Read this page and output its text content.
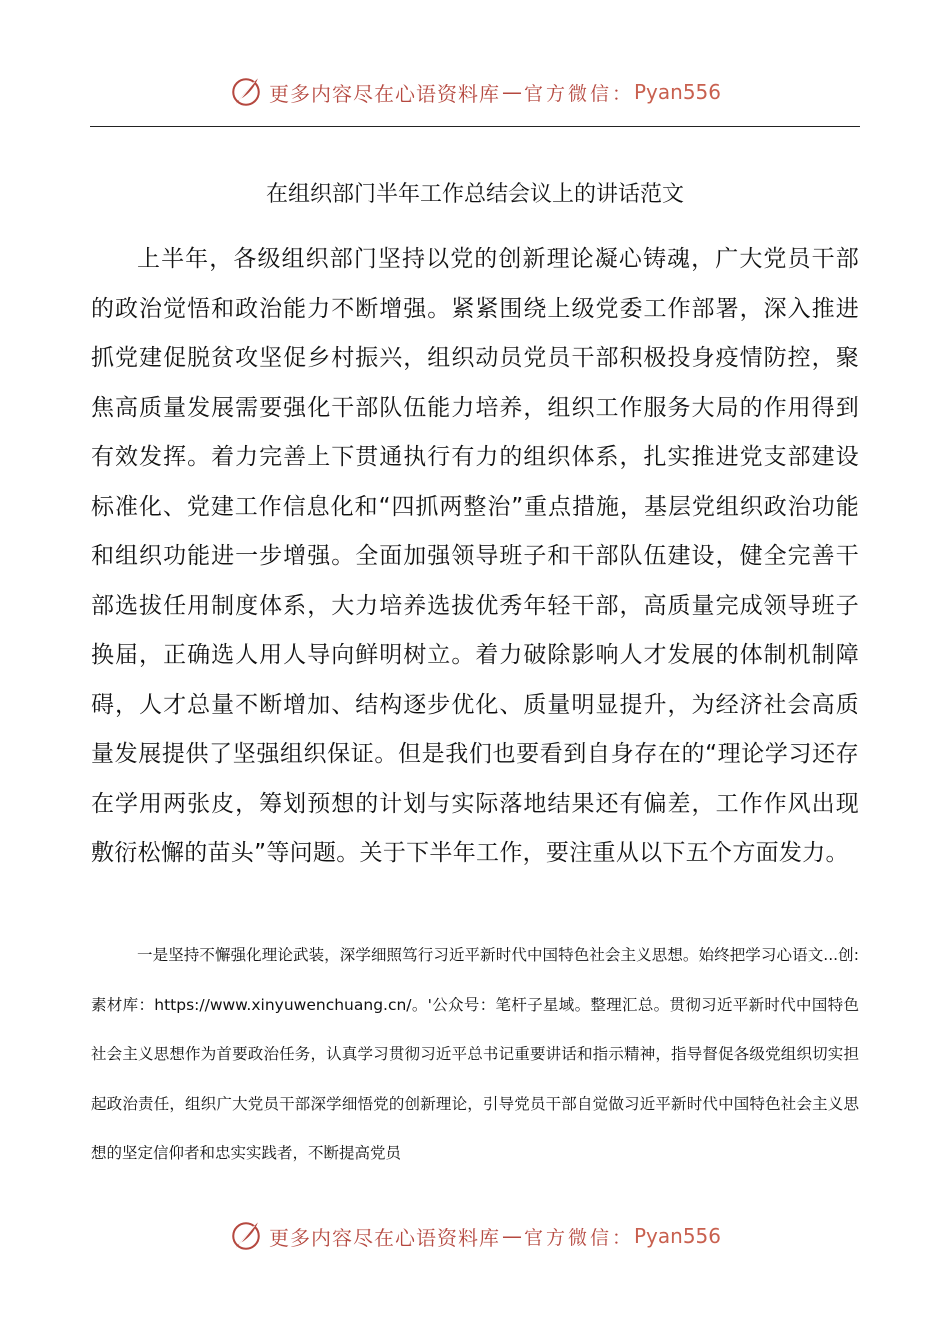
更多内容尽在心语资料库 — 官方微信： Pyan556
在组织部门半年工作总结会议上的讲话范文

上半年，各级组织部门坚持以党的创新理论凝心铸魂，广大党员干部的政治觉悟和政治能力不断增强。紧紧围绕上级党委工作部署，深入推进抓党建促脱贫攻坚促乡村振兴，组织动员党员干部积极投身疫情防控，聚焦高质量发展需要强化干部队伍能力培养，组织工作服务大局的作用得到有效发挥。着力完善上下贯通执行有力的组织体系，扎实推进党支部建设标准化、党建工作信息化和“四抓两整治”重点措施，基层党组织政治功能和组织功能进一步增强。全面加强领导班子和干部队伍建设，健全完善干部选拔任用制度体系，大力培养选拔优秀年轻干部，高质量完成领导班子换届，正确选人用人导向鲜明树立。着力破除影响人才发展的体制机制障碍，人才总量不断增加、结构逐步优化、质量明显提升，为经济社会高质量发展提供了坚强组织保证。但是我们也要看到自身存在的“理论学习还存在学用两张皮，筹划预想的计划与实际落地结果还有偏差，工作作风出现敷衍松懈的苗头”等问题。关于下半年工作，要注重从以下五个方面发力。

一是坚持不懈强化理论武装，深学细照笃行习近平新时代中国特色社会主义思想。始终把学习心语文...创:素材库：https://www.xinyuwenchuang.cn/。'公众号：笔杆子星域。整理汇总。贯彻习近平新时代中国特色社会主义思想作为首要政治任务，认真学习贯彻习近平总书记重要讲话和指示精神，指导督促各级党组织切实担起政治责任，组织广大党员干部深学细悟党的创新理论，引导党员干部自觉做习近平新时代中国特色社会主义思想的坚定信仰者和忠实实践者，不断提高党员

更多内容尽在心语资料库 — 官方微信： Pyan556
